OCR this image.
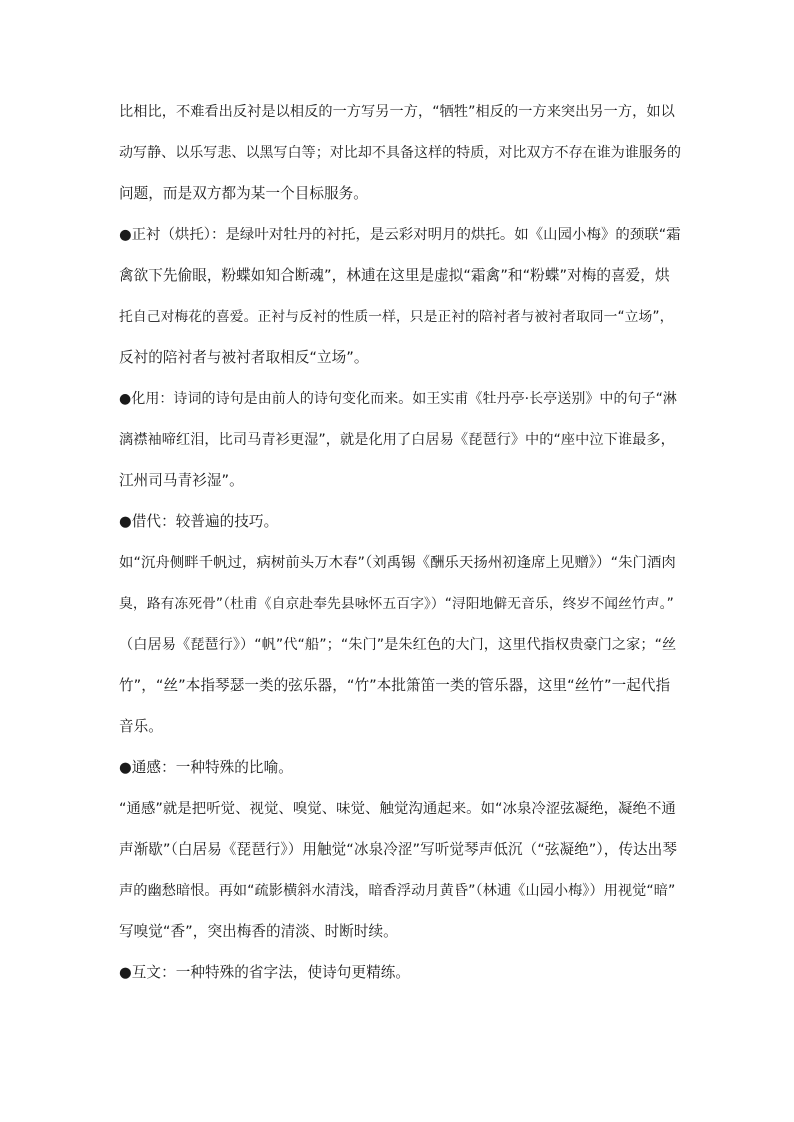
比相比，不难看出反衬是以相反的一方写另一方，“牺牲”相反的一方来突出另一方，如以
动写静、以乐写悲、以黑写白等；对比却不具备这样的特质，对比双方不存在谁为谁服务的
问题，而是双方都为某一个目标服务。
●正衬（烘托）：是绿叶对牡丹的衬托，是云彩对明月的烘托。如《山园小梅》的颈联“霜
禽欲下先偷眼，粉蝶如知合断魂”，林逋在这里是虚拟“霜禽”和“粉蝶”对梅的喜爱，烘
托自己对梅花的喜爱。正衬与反衬的性质一样，只是正衬的陪衬者与被衬者取同一“立场”，
反衬的陪衬者与被衬者取相反“立场”。
●化用：诗词的诗句是由前人的诗句变化而来。如王实甫《牡丹亭·长亭送别》中的句子“淋
漓襟袖啼红泪，比司马青衫更湿”，就是化用了白居易《琵琶行》中的“座中泣下谁最多，
江州司马青衫湿”。
●借代：较普遍的技巧。
如“沉舟侧畔千帆过，病树前头万木春”（刘禹锡《酬乐天扬州初逢席上见赠》）“朱门酒肉
臭，路有冻死骨”（杜甫《自京赴奉先县咏怀五百字》）“浔阳地僻无音乐，终岁不闻丝竹声。”
（白居易《琵琶行》）“帆”代“船”；“朱门”是朱红色的大门，这里代指权贵豪门之家；“丝
竹”，“丝”本指琴瑟一类的弦乐器，“竹”本批箫笛一类的管乐器，这里“丝竹”一起代指
音乐。
●通感：一种特殊的比喻。
“通感”就是把听觉、视觉、嗅觉、味觉、触觉沟通起来。如“冰泉冷涩弦凝绝，凝绝不通
声渐歇”（白居易《琵琶行》）用触觉“冰泉冷涩”写听觉琴声低沉（“弦凝绝”），传达出琴
声的幽愁暗恨。再如“疏影横斜水清浅，暗香浮动月黄昏”（林逋《山园小梅》）用视觉“暗”
写嗅觉“香”，突出梅香的清淡、时断时续。
●互文：一种特殊的省字法，使诗句更精练。
